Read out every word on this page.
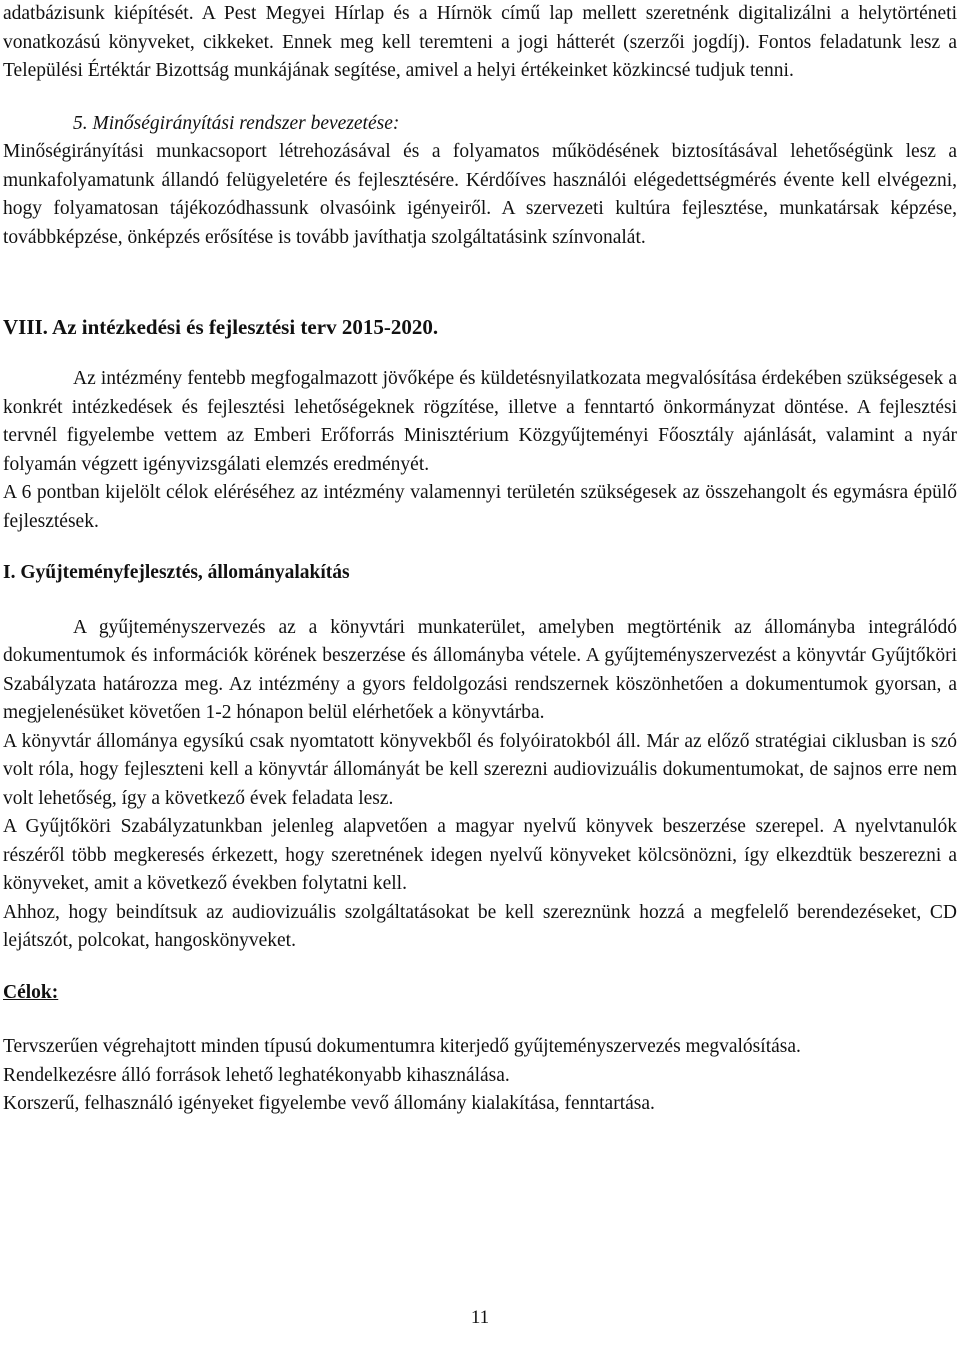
adatbázisunk kiépítését. A Pest Megyei Hírlap és a Hírnök című lap mellett szeretnénk digitalizálni a helytörténeti vonatkozású könyveket, cikkeket. Ennek meg kell teremteni a jogi hátterét (szerzői jogdíj). Fontos feladatunk lesz a Települési Értéktár Bizottság munkájának segítése, amivel a helyi értékeinket közkincsé tudjuk tenni.

5. Minőségirányítási rendszer bevezetése:

Minőségirányítási munkacsoport létrehozásával és a folyamatos működésének biztosításával lehetőségünk lesz a munkafolyamatunk állandó felügyeletére és fejlesztésére. Kérdőíves használói elégedettségmérés évente kell elvégezni, hogy folyamatosan tájékozódhassunk olvasóink igényeiről. A szervezeti kultúra fejlesztése, munkatársak képzése, továbbképzése, önképzés erősítése is tovább javíthatja szolgáltatásink színvonalát.

VIII. Az intézkedési és fejlesztési terv 2015-2020.

Az intézmény fentebb megfogalmazott jövőképe és küldetésnyilatkozata megvalósítása érdekében szükségesek a konkrét intézkedések és fejlesztési lehetőségeknek rögzítése, illetve a fenntartó önkormányzat döntése. A fejlesztési tervnél figyelembe vettem az Emberi Erőforrás Minisztérium Közgyűjteményi Főosztály ajánlását, valamint a nyár folyamán végzett igényvizsgálati elemzés eredményét.

A 6 pontban kijelölt célok eléréséhez az intézmény valamennyi területén szükségesek az összehangolt és egymásra épülő fejlesztések.

I. Gyűjteményfejlesztés, állományalakítás

A gyűjteményszervezés az a könyvtári munkaterület, amelyben megtörténik az állományba integrálódó dokumentumok és információk körének beszerzése és állományba vétele. A gyűjteményszervezést a könyvtár Gyűjtőköri Szabályzata határozza meg. Az intézmény a gyors feldolgozási rendszernek köszönhetően a dokumentumok gyorsan, a megjelenésüket követően 1-2 hónapon belül elérhetőek a könyvtárba.

A könyvtár állománya egysíkú csak nyomtatott könyvekből és folyóiratokból áll. Már az előző stratégiai ciklusban is szó volt róla, hogy fejleszteni kell a könyvtár állományát be kell szerezni audiovizuális dokumentumokat, de sajnos erre nem volt lehetőség, így a következő évek feladata lesz.

A Gyűjtőköri Szabályzatunkban jelenleg alapvetően a magyar nyelvű könyvek beszerzése szerepel. A nyelvtanulók részéről több megkeresés érkezett, hogy szeretnének idegen nyelvű könyveket kölcsönözni, így elkezdtük beszerezni a könyveket, amit a következő években folytatni kell.

Ahhoz, hogy beindítsuk az audiovizuális szolgáltatásokat be kell szereznünk hozzá a megfelelő berendezéseket, CD lejátszót, polcokat, hangoskönyveket.

Célok:

Tervszerűen végrehajtott minden típusú dokumentumra kiterjedő gyűjteményszervezés megvalósítása.

Rendelkezésre álló források lehető leghatékonyabb kihasználása.

Korszerű, felhasználó igényeket figyelembe vevő állomány kialakítása, fenntartása.

11
